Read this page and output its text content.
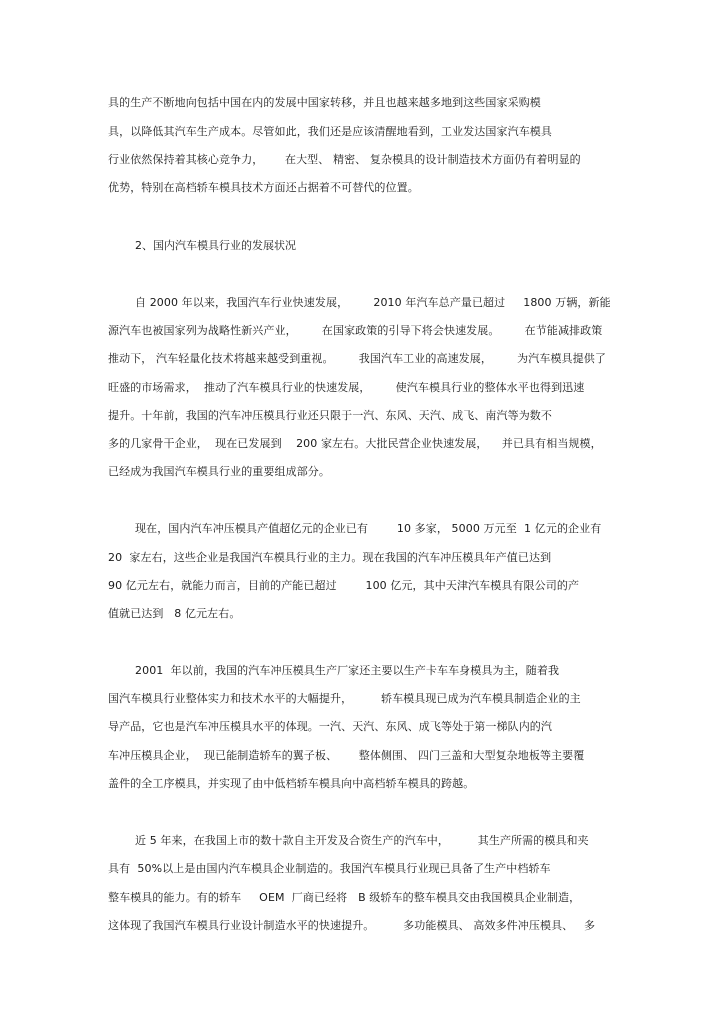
具的生产不断地向包括中国在内的发展中国家转移，并且也越来越多地到这些国家采购模
具，以降低其汽车生产成本。尽管如此，我们还是应该清醒地看到，工业发达国家汽车模具
行业依然保持着其核心竞争力，      在大型、 精密、 复杂模具的设计制造技术方面仍有着明显的
优势，特别在高档轿车模具技术方面还占据着不可替代的位置。
2、国内汽车模具行业的发展状况
自 2000 年以来，我国汽车行业快速发展，       2010 年汽车总产量已超过     1800 万辆，新能
源汽车也被国家列为战略性新兴产业，       在国家政策的引导下将会快速发展。       在节能减排政策
推动下， 汽车轻量化技术将越来越受到重视。       我国汽车工业的高速发展，       为汽车模具提供了
旺盛的市场需求，  推动了汽车模具行业的快速发展，       使汽车模具行业的整体水平也得到迅速
提升。十年前，我国的汽车冲压模具行业还只限于一汽、东风、天汽、成飞、南汽等为数不
多的几家骨干企业，  现在已发展到    200 家左右。大批民营企业快速发展，    并已具有相当规模，
已经成为我国汽车模具行业的重要组成部分。
现在，国内汽车冲压模具产值超亿元的企业已有        10 多家， 5000 万元至  1 亿元的企业有
20  家左右，这些企业是我国汽车模具行业的主力。现在我国的汽车冲压模具年产值已达到
90 亿元左右，就能力而言，目前的产能已超过        100 亿元，其中天津汽车模具有限公司的产
值就已达到   8 亿元左右。
2001  年以前，我国的汽车冲压模具生产厂家还主要以生产卡车车身模具为主，随着我
国汽车模具行业整体实力和技术水平的大幅提升，        轿车模具现已成为汽车模具制造企业的主
导产品，它也是汽车冲压模具水平的体现。一汽、天汽、东风、成飞等处于第一梯队内的汽
车冲压模具企业，  现已能制造轿车的翼子板、      整体侧围、 四门三盖和大型复杂地板等主要覆
盖件的全工序模具，并实现了由中低档轿车模具向中高档轿车模具的跨越。
近 5 年来，在我国上市的数十款自主开发及合资生产的汽车中，        其生产所需的模具和夹
具有  50%以上是由国内汽车模具企业制造的。我国汽车模具行业现已具备了生产中档轿车
整车模具的能力。有的轿车     OEM  厂商已经将   B 级轿车的整车模具交由我国模具企业制造，
这体现了我国汽车模具行业设计制造水平的快速提升。        多功能模具、 高效多件冲压模具、   多
